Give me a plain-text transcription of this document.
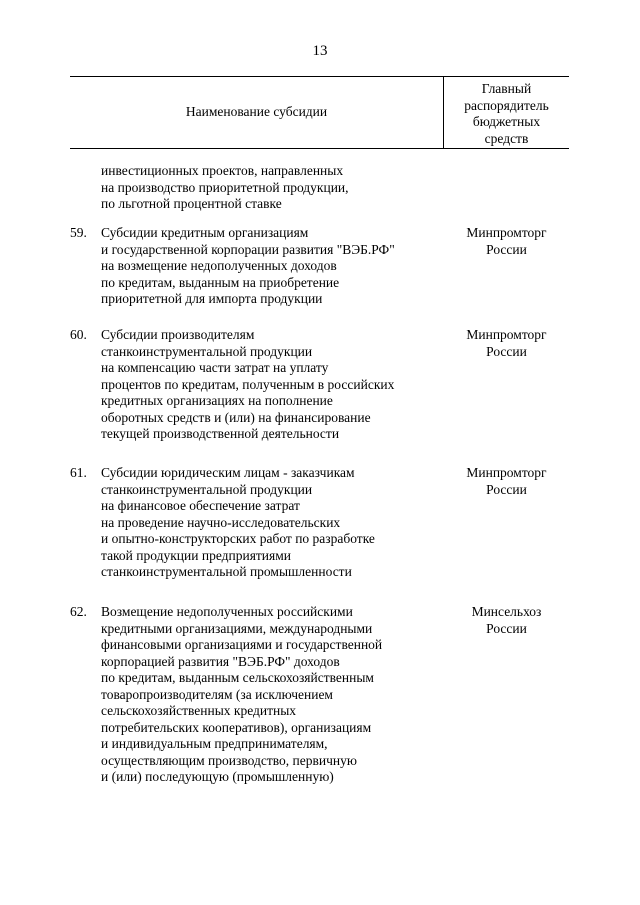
13
Наименование субсидии
Главный
распорядитель
бюджетных
средств
инвестиционных проектов, направленных
на производство приоритетной продукции,
по льготной процентной ставке
59. Субсидии кредитным организациям
и государственной корпорации развития "ВЭБ.РФ"
на возмещение недополученных доходов
по кредитам, выданным на приобретение
приоритетной для импорта продукции
Минпромторг
России
60. Субсидии производителям
станкоинструментальной продукции
на компенсацию части затрат на уплату
процентов по кредитам, полученным в российских
кредитных организациях на пополнение
оборотных средств и (или) на финансирование
текущей производственной деятельности
Минпромторг
России
61. Субсидии юридическим лицам - заказчикам
станкоинструментальной продукции
на финансовое обеспечение затрат
на проведение научно-исследовательских
и опытно-конструкторских работ по разработке
такой продукции предприятиями
станкоинструментальной промышленности
Минпромторг
России
62. Возмещение недополученных российскими
кредитными организациями, международными
финансовыми организациями и государственной
корпорацией развития "ВЭБ.РФ" доходов
по кредитам, выданным сельскохозяйственным
товаропроизводителям (за исключением
сельскохозяйственных кредитных
потребительских кооперативов), организациям
и индивидуальным предпринимателям,
осуществляющим производство, первичную
и (или) последующую (промышленную)
Минсельхоз
России
